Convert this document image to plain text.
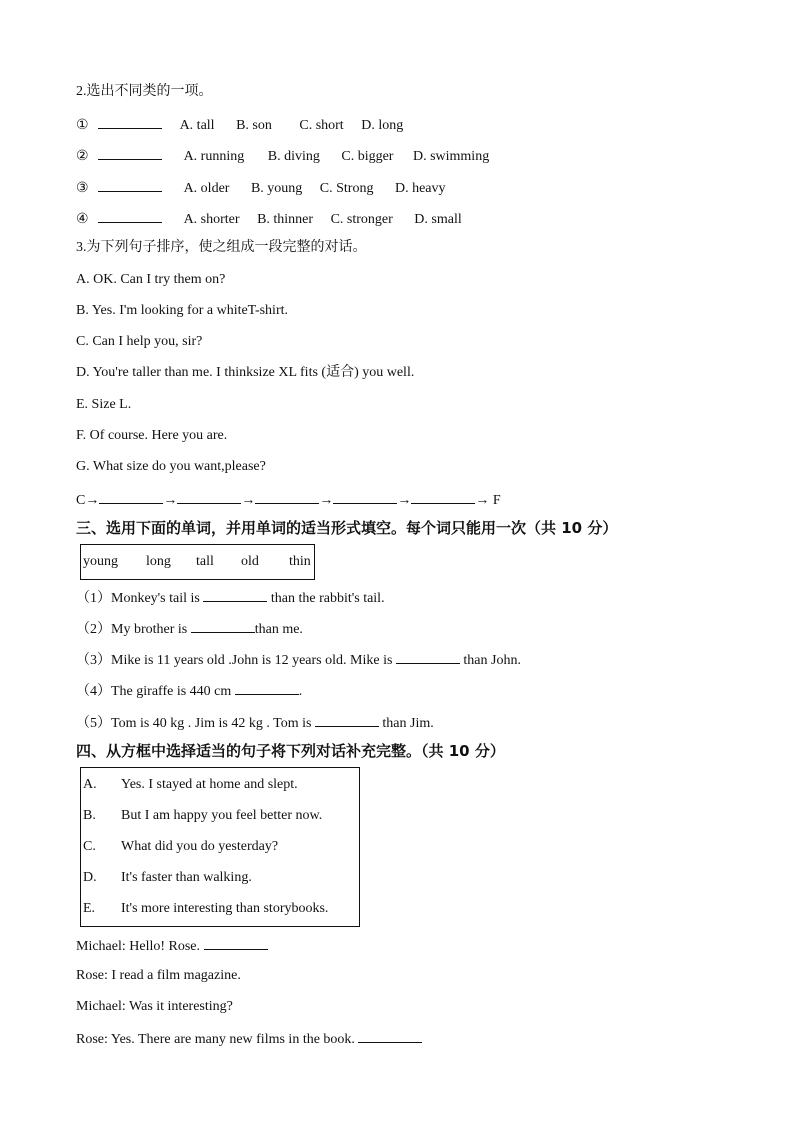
2.选出不同类的一项。
①	A. tall B. son C. short D. long
②	A. running B. diving C. bigger D. swimming
③	A. older B. young C. Strong D. heavy
④	A. shorter B. thinner C. stronger D. small
3.为下列句子排序，使之组成一段完整的对话。
A. OK. Can I try them on?
B. Yes. I'm looking for a whiteT-shirt.
C. Can I help you, sir?
D. You're taller than me. I thinksize XL fits (适合) you well.
E. Size L.
F. Of course. Here you are.
G. What size do you want,please?
C→	→	→	→	→	→ F
三、选用下面的单词，并用单词的适当形式填空。每个词只能用一次（共 10 分）
young long tall old thin
（1）Monkey's tail is	than the rabbit's tail.
（2）My brother is	than me.
（3）Mike is 11 years old .John is 12 years old. Mike is	than John.
（4）The giraffe is 440 cm	.
（5）Tom is 40 kg . Jim is 42 kg . Tom is	than Jim.
四、从方框中选择适当的句子将下列对话补充完整。（共 10 分）
A. Yes. I stayed at home and slept.
B. But I am happy you feel better now.
C. What did you do yesterday?
D. It's faster than walking.
E. It's more interesting than storybooks.
Michael: Hello! Rose.
Rose: I read a film magazine.
Michael: Was it interesting?
Rose: Yes. There are many new films in the book.
